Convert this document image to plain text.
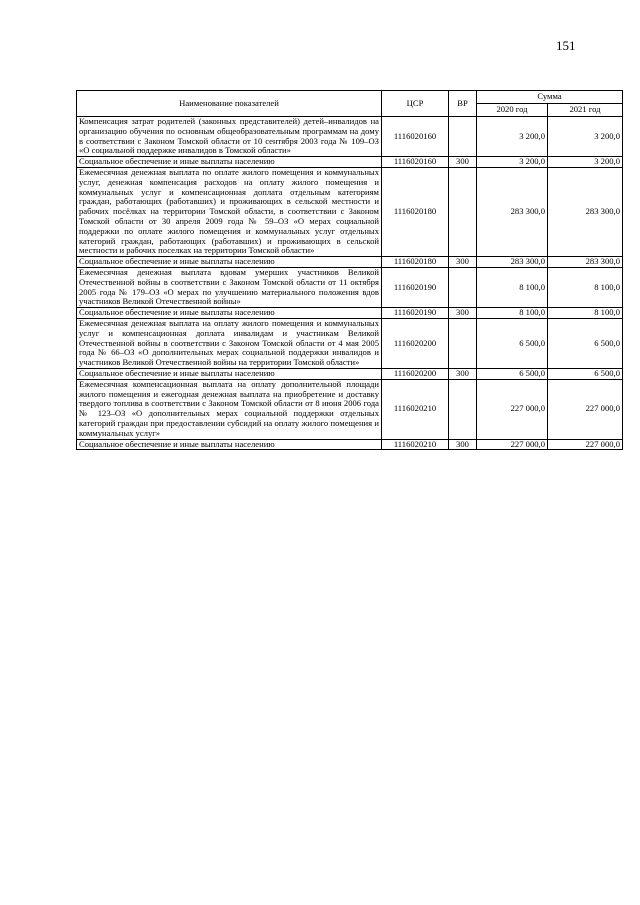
151
Наименование показателей	ЦСР	ВР	Сумма	
			2020 год	2021 год
Компенсация затрат родителей (законных представителей) детей–инвалидов на организацию обучения по основным общеобразовательным программам на дому в соответствии с Законом Томской области от 10 сентября 2003 года № 109–ОЗ «О социальной поддержке инвалидов в Томской области»	1116020160		3 200,0	3 200,0
Социальное обеспечение и иные выплаты населению	1116020160	300	3 200,0	3 200,0
Ежемесячная денежная выплата по оплате жилого помещения и коммунальных услуг, денежная компенсация расходов на оплату жилого помещения и коммунальных услуг и компенсационная доплата отдельным категориям граждан, работающих (работавших) и проживающих в сельской местности и рабочих посёлках на территории Томской области, в соответствии с Законом Томской области от 30 апреля 2009 года № 59–ОЗ «О мерах социальной поддержки по оплате жилого помещения и коммунальных услуг отдельных категорий граждан, работающих (работавших) и проживающих в сельской местности и рабочих поселках на территории Томской области»	1116020180		283 300,0	283 300,0
Социальное обеспечение и иные выплаты населению	1116020180	300	283 300,0	283 300,0
Ежемесячная денежная выплата вдовам умерших участников Великой Отечественной войны в соответствии с Законом Томской области от 11 октября 2005 года № 179–ОЗ «О мерах по улучшению материального положения вдов участников Великой Отечественной войны»	1116020190		8 100,0	8 100,0
Социальное обеспечение и иные выплаты населению	1116020190	300	8 100,0	8 100,0
Ежемесячная денежная выплата на оплату жилого помещения и коммунальных услуг и компенсационная доплата инвалидам и участникам Великой Отечественной войны в соответствии с Законом Томской области от 4 мая 2005 года № 66–ОЗ «О дополнительных мерах социальной поддержки инвалидов и участников Великой Отечественной войны на территории Томской области»	1116020200		6 500,0	6 500,0
Социальное обеспечение и иные выплаты населению	1116020200	300	6 500,0	6 500,0
Ежемесячная компенсационная выплата на оплату дополнительной площади жилого помещения и ежегодная денежная выплата на приобретение и доставку твердого топлива в соответствии с Законом Томской области от 8 июня 2006 года № 123–ОЗ «О дополнительных мерах социальной поддержки отдельных категорий граждан при предоставлении субсидий на оплату жилого помещения и коммунальных услуг»	1116020210		227 000,0	227 000,0
Социальное обеспечение и иные выплаты населению	1116020210	300	227 000,0	227 000,0
